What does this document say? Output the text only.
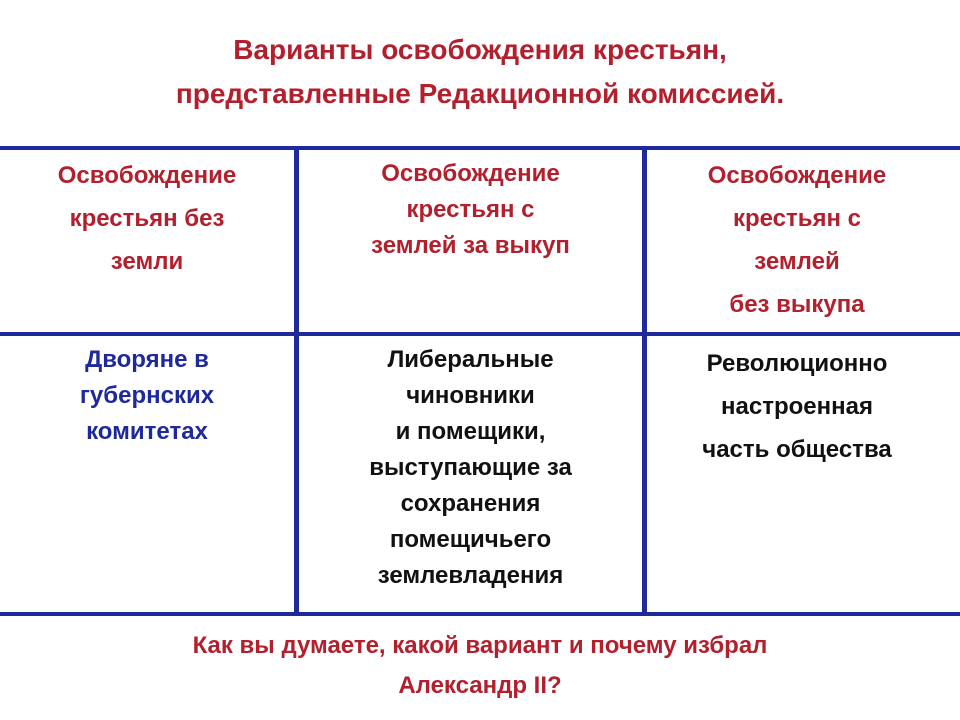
Варианты освобождения крестьян,
представленные Редакционной комиссией.
Освобождение
крестьян без
земли
Освобождение
крестьян с
землей за выкуп
Освобождение
крестьян с
землей
без выкупа
Дворяне в
губернских
комитетах
Либеральные
чиновники
и помещики,
выступающие за
сохранения
помещичьего
землевладения
Революционно
настроенная
часть общества
Как вы думаете, какой вариант и почему избрал
Александр II?
